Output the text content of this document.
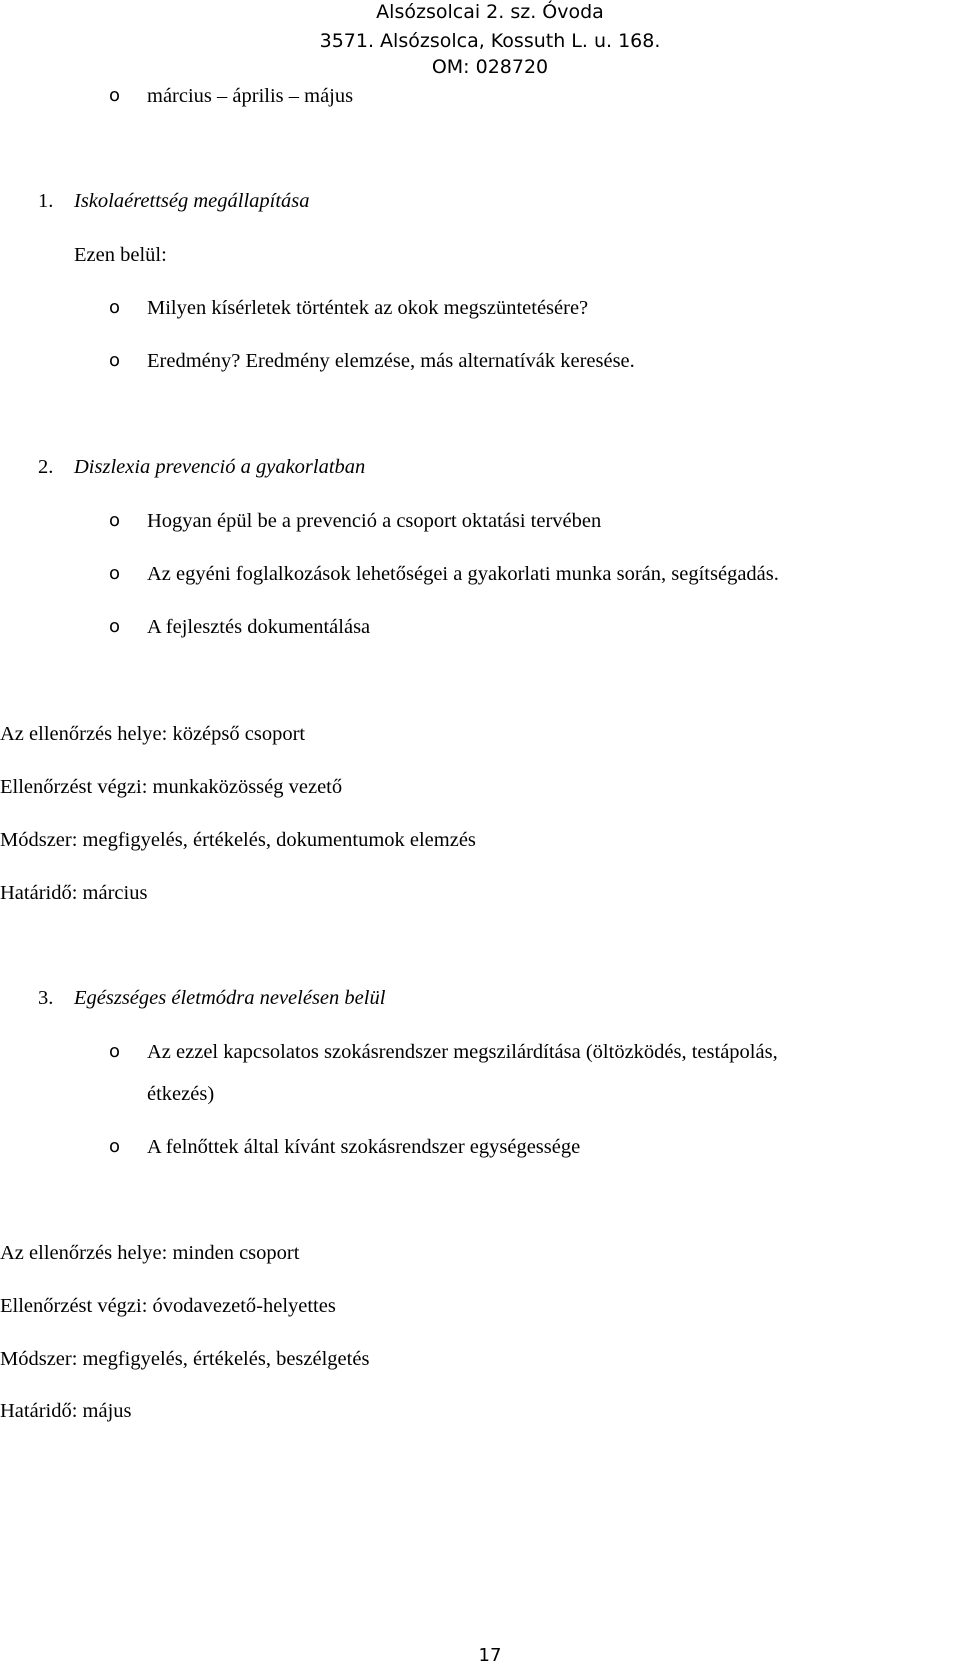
Alsózsolcai 2. sz. Óvoda
3571. Alsózsolca, Kossuth L. u. 168.
OM: 028720
o március – április – május
1. Iskolaérettség megállapítása
Ezen belül:
o Milyen kísérletek történtek az okok megszüntetésére?
o Eredmény? Eredmény elemzése, más alternatívák keresése.
2. Diszlexia prevenció a gyakorlatban
o Hogyan épül be a prevenció a csoport oktatási tervében
o Az egyéni foglalkozások lehetőségei a gyakorlati munka során, segítségadás.
o A fejlesztés dokumentálása
Az ellenőrzés helye: középső csoport
Ellenőrzést végzi: munkaközösség vezető
Módszer: megfigyelés, értékelés, dokumentumok elemzés
Határidő: március
3. Egészséges életmódra nevelésen belül
o Az ezzel kapcsolatos szokásrendszer megszilárdítása (öltözködés, testápolás,
étkezés)
o A felnőttek által kívánt szokásrendszer egységessége
Az ellenőrzés helye: minden csoport
Ellenőrzést végzi: óvodavezető-helyettes
Módszer: megfigyelés, értékelés, beszélgetés
Határidő: május
17
